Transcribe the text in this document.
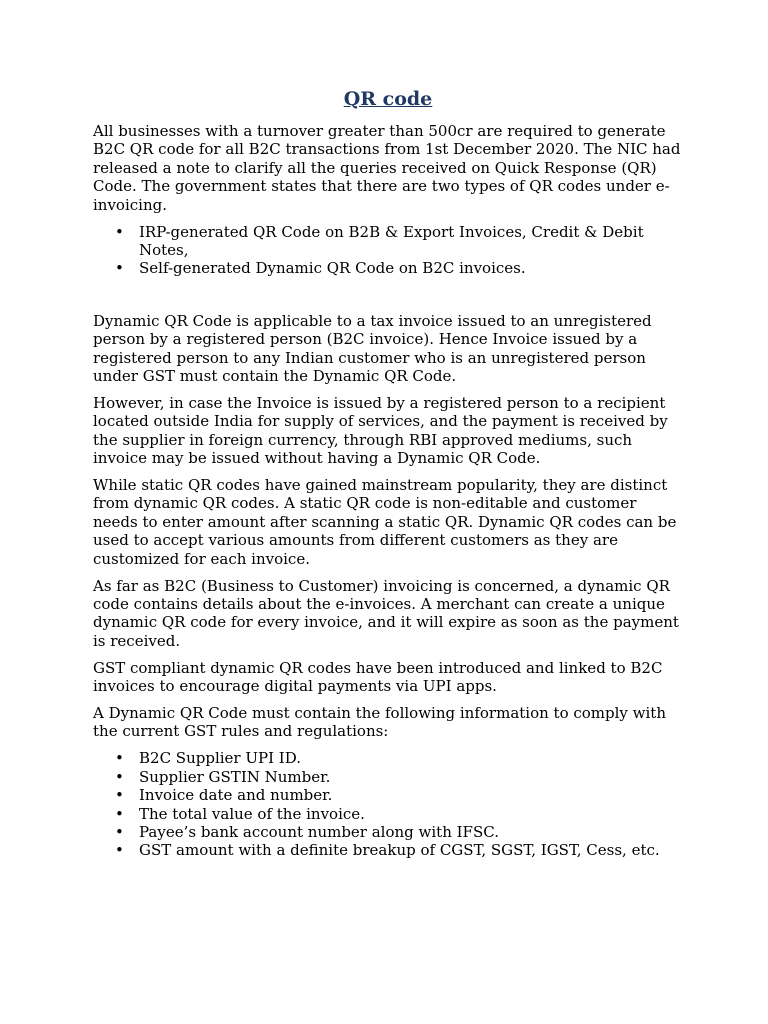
QR code

All businesses with a turnover greater than 500cr are required to generate B2C QR code for all B2C transactions from 1st December 2020. The NIC had released a note to clarify all the queries received on Quick Response (QR) Code. The government states that there are two types of QR codes under e-invoicing.

• IRP-generated QR Code on B2B & Export Invoices, Credit & Debit Notes,
• Self-generated Dynamic QR Code on B2C invoices.

Dynamic QR Code is applicable to a tax invoice issued to an unregistered person by a registered person (B2C invoice). Hence Invoice issued by a registered person to any Indian customer who is an unregistered person under GST must contain the Dynamic QR Code.

However, in case the Invoice is issued by a registered person to a recipient located outside India for supply of services, and the payment is received by the supplier in foreign currency, through RBI approved mediums, such invoice may be issued without having a Dynamic QR Code.

While static QR codes have gained mainstream popularity, they are distinct from dynamic QR codes. A static QR code is non-editable and customer needs to enter amount after scanning a static QR. Dynamic QR codes can be used to accept various amounts from different customers as they are customized for each invoice.

As far as B2C (Business to Customer) invoicing is concerned, a dynamic QR code contains details about the e-invoices. A merchant can create a unique dynamic QR code for every invoice, and it will expire as soon as the payment is received.

GST compliant dynamic QR codes have been introduced and linked to B2C invoices to encourage digital payments via UPI apps.

A Dynamic QR Code must contain the following information to comply with the current GST rules and regulations:

• B2C Supplier UPI ID.
• Supplier GSTIN Number.
• Invoice date and number.
• The total value of the invoice.
• Payee’s bank account number along with IFSC.
• GST amount with a definite breakup of CGST, SGST, IGST, Cess, etc.
